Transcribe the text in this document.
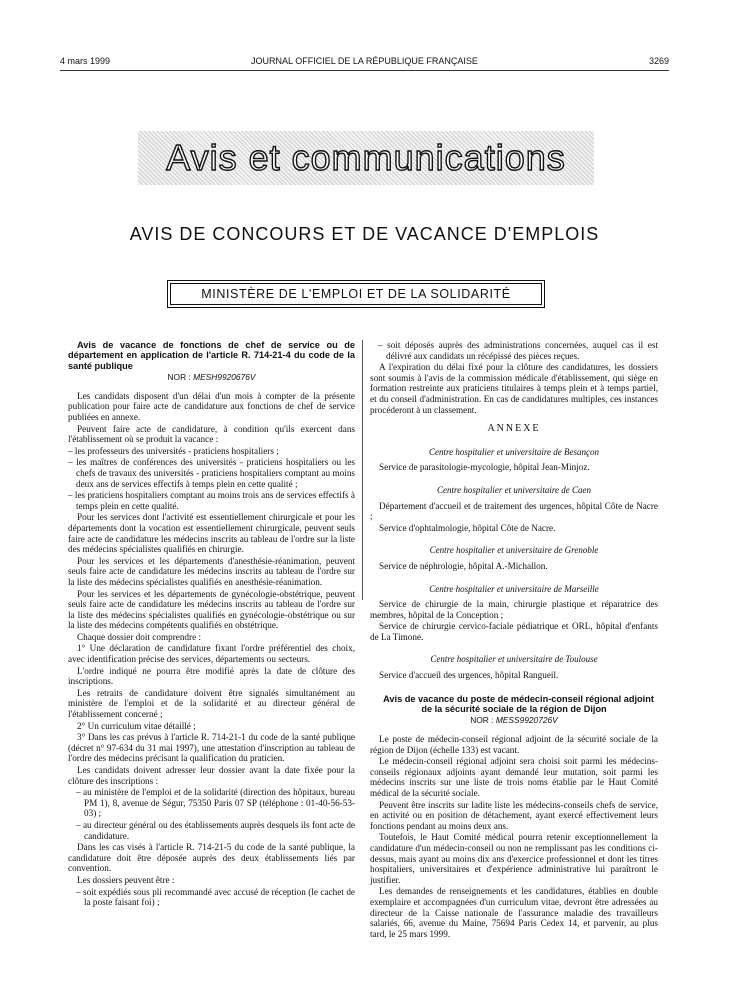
4 mars 1999	JOURNAL OFFICIEL DE LA RÉPUBLIQUE FRANÇAISE	3269
Avis et communications
AVIS DE CONCOURS ET DE VACANCE D'EMPLOIS
MINISTÈRE DE L'EMPLOI ET DE LA SOLIDARITÉ

Avis de vacance de fonctions de chef de service ou de département en application de l'article R. 714-21-4 du code de la santé publique

NOR : MESH9920676V

Les candidats disposent d'un délai d'un mois à compter de la présente publication pour faire acte de candidature aux fonctions de chef de service publiées en annexe.

Peuvent faire acte de candidature, à condition qu'ils exercent dans l'établissement où se produit la vacance :

– les professeurs des universités - praticiens hospitaliers ;

– les maîtres de conférences des universités - praticiens hospitaliers ou les chefs de travaux des universités - praticiens hospitaliers comptant au moins deux ans de services effectifs à temps plein en cette qualité ;

– les praticiens hospitaliers comptant au moins trois ans de services effectifs à temps plein en cette qualité.

Pour les services dont l'activité est essentiellement chirurgicale et pour les départements dont la vocation est essentiellement chirurgicale, peuvent seuls faire acte de candidature les médecins inscrits au tableau de l'ordre sur la liste des médecins spécialistes qualifiés en chirurgie.

Pour les services et les départements d'anesthésie-réanimation, peuvent seuls faire acte de candidature les médecins inscrits au tableau de l'ordre sur la liste des médecins spécialistes qualifiés en anesthésie-réanimation.

Pour les services et les départements de gynécologie-obstétrique, peuvent seuls faire acte de candidature les médecins inscrits au tableau de l'ordre sur la liste des médecins spécialistes qualifiés en gynécologie-obstétrique ou sur la liste des médecins compétents qualifiés en obstétrique.

Chaque dossier doit comprendre :

1° Une déclaration de candidature fixant l'ordre préférentiel des choix, avec identification précise des services, départements ou secteurs.

L'ordre indiqué ne pourra être modifié après la date de clôture des inscriptions.

Les retraits de candidature doivent être signalés simultanément au ministère de l'emploi et de la solidarité et au directeur général de l'établissement concerné ;

2° Un curriculum vitae détaillé ;

3° Dans les cas prévus à l'article R. 714-21-1 du code de la santé publique (décret n° 97-634 du 31 mai 1997), une attestation d'inscription au tableau de l'ordre des médecins précisant la qualification du praticien.

Les candidats doivent adresser leur dossier avant la date fixée pour la clôture des inscriptions :

– au ministère de l'emploi et de la solidarité (direction des hôpitaux, bureau PM 1), 8, avenue de Ségur, 75350 Paris 07 SP (téléphone : 01-40-56-53-03) ;

– au directeur général ou des établissements auprès desquels ils font acte de candidature.

Dans les cas visés à l'article R. 714-21-5 du code de la santé publique, la candidature doit être déposée auprès des deux établissements liés par convention.

Les dossiers peuvent être :

– soit expédiés sous pli recommandé avec accusé de réception (le cachet de la poste faisant foi) ;

– soit déposés auprès des administrations concernées, auquel cas il est délivré aux candidats un récépissé des pièces reçues.

A l'expiration du délai fixé pour la clôture des candidatures, les dossiers sont soumis à l'avis de la commission médicale d'établissement, qui siège en formation restreinte aux praticiens titulaires à temps plein et à temps partiel, et du conseil d'administration. En cas de candidatures multiples, ces instances procéderont à un classement.

ANNEXE
Centre hospitalier et universitaire de Besançon

Service de parasitologie-mycologie, hôpital Jean-Minjoz.

Centre hospitalier et universitaire de Caen

Département d'accueil et de traitement des urgences, hôpital Côte de Nacre ;

Service d'ophtalmologie, hôpital Côte de Nacre.

Centre hospitalier et universitaire de Grenoble

Service de néphrologie, hôpital A.-Michallon.

Centre hospitalier et universitaire de Marseille

Service de chirurgie de la main, chirurgie plastique et réparatrice des membres, hôpital de la Conception ;

Service de chirurgie cervico-faciale pédiatrique et ORL, hôpital d'enfants de La Timone.

Centre hospitalier et universitaire de Toulouse

Service d'accueil des urgences, hôpital Rangueil.

Avis de vacance du poste de médecin-conseil régional adjoint de la sécurité sociale de la région de Dijon

NOR : MESS9920726V

Le poste de médecin-conseil régional adjoint de la sécurité sociale de la région de Dijon (échelle 133) est vacant.

Le médecin-conseil régional adjoint sera choisi soit parmi les médecins-conseils régionaux adjoints ayant demandé leur mutation, soit parmi les médecins inscrits sur une liste de trois noms établie par le Haut Comité médical de la sécurité sociale.

Peuvent être inscrits sur ladite liste les médecins-conseils chefs de service, en activité ou en position de détachement, ayant exercé effectivement leurs fonctions pendant au moins deux ans.

Toutefois, le Haut Comité médical pourra retenir exceptionnellement la candidature d'un médecin-conseil ou non ne remplissant pas les conditions ci-dessus, mais ayant au moins dix ans d'exercice professionnel et dont les titres hospitaliers, universitaires et d'expérience administrative lui paraîtront le justifier.

Les demandes de renseignements et les candidatures, établies en double exemplaire et accompagnées d'un curriculum vitae, devront être adressées au directeur de la Caisse nationale de l'assurance maladie des travailleurs salariés, 66, avenue du Maine, 75694 Paris Cedex 14, et parvenir, au plus tard, le 25 mars 1999.
